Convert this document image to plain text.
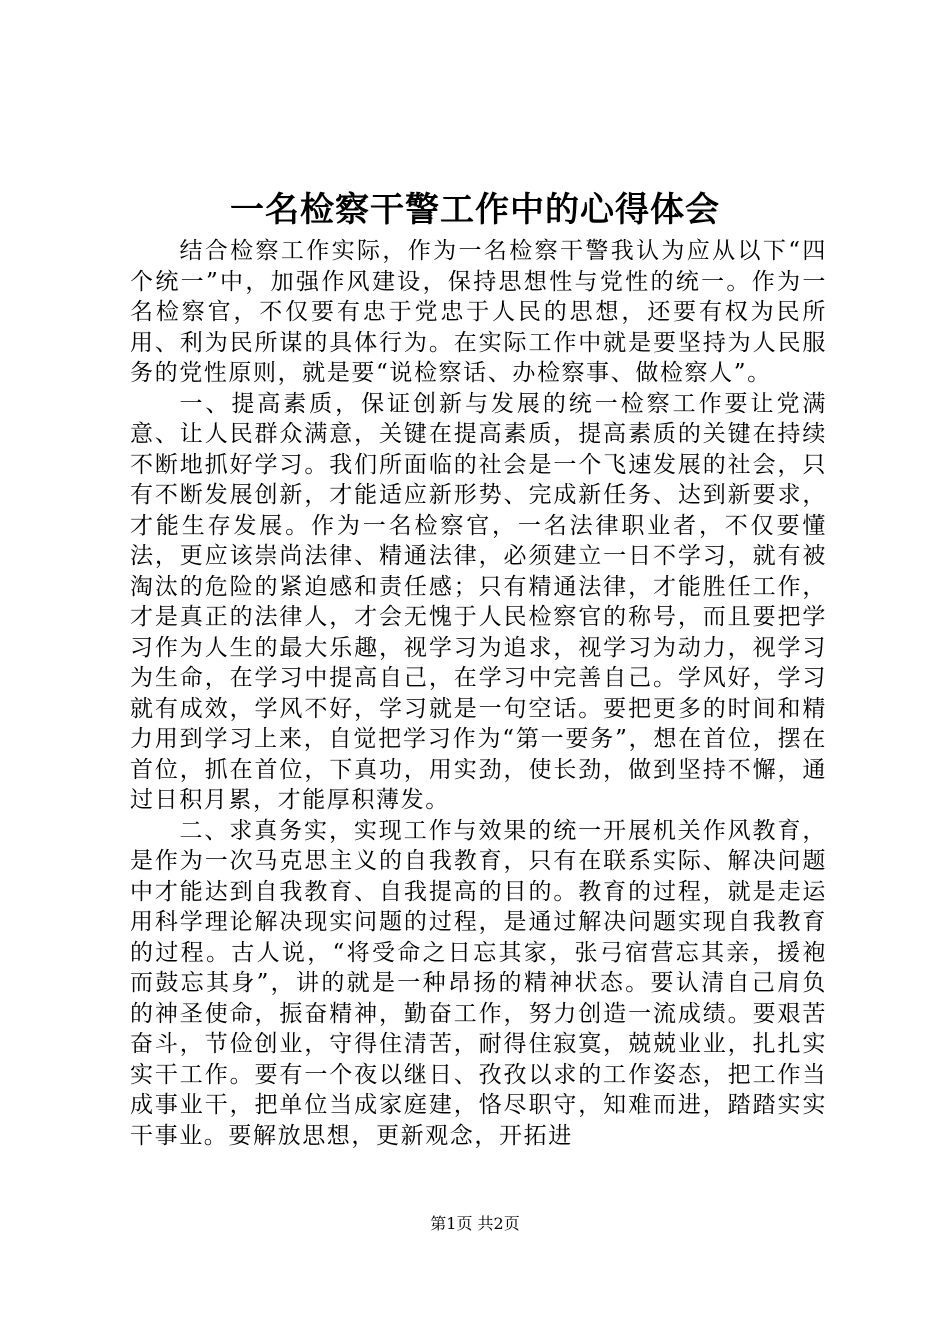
一名检察干警工作中的心得体会

结合检察工作实际，作为一名检察干警我认为应从以下“四个统一”中，加强作风建设，保持思想性与党性的统一。作为一名检察官，不仅要有忠于党忠于人民的思想，还要有权为民所用、利为民所谋的具体行为。在实际工作中就是要坚持为人民服务的党性原则，就是要“说检察话、办检察事、做检察人”。

一、提高素质，保证创新与发展的统一检察工作要让党满意、让人民群众满意，关键在提高素质，提高素质的关键在持续不断地抓好学习。我们所面临的社会是一个飞速发展的社会，只有不断发展创新，才能适应新形势、完成新任务、达到新要求，才能生存发展。作为一名检察官，一名法律职业者，不仅要懂法，更应该崇尚法律、精通法律，必须建立一日不学习，就有被淘汰的危险的紧迫感和责任感；只有精通法律，才能胜任工作，才是真正的法律人，才会无愧于人民检察官的称号，而且要把学习作为人生的最大乐趣，视学习为追求，视学习为动力，视学习为生命，在学习中提高自己，在学习中完善自己。学风好，学习就有成效，学风不好，学习就是一句空话。要把更多的时间和精力用到学习上来，自觉把学习作为“第一要务”，想在首位，摆在首位，抓在首位，下真功，用实劲，使长劲，做到坚持不懈，通过日积月累，才能厚积薄发。

二、求真务实，实现工作与效果的统一开展机关作风教育，是作为一次马克思主义的自我教育，只有在联系实际、解决问题中才能达到自我教育、自我提高的目的。教育的过程，就是走运用科学理论解决现实问题的过程，是通过解决问题实现自我教育的过程。古人说，“将受命之日忘其家，张弓宿营忘其亲，援袍而鼓忘其身”，讲的就是一种昂扬的精神状态。要认清自己肩负的神圣使命，振奋精神，勤奋工作，努力创造一流成绩。要艰苦奋斗，节俭创业，守得住清苦，耐得住寂寞，兢兢业业，扎扎实实干工作。要有一个夜以继日、孜孜以求的工作姿态，把工作当成事业干，把单位当成家庭建，恪尽职守，知难而进，踏踏实实干事业。要解放思想，更新观念，开拓进

第1页 共2页
